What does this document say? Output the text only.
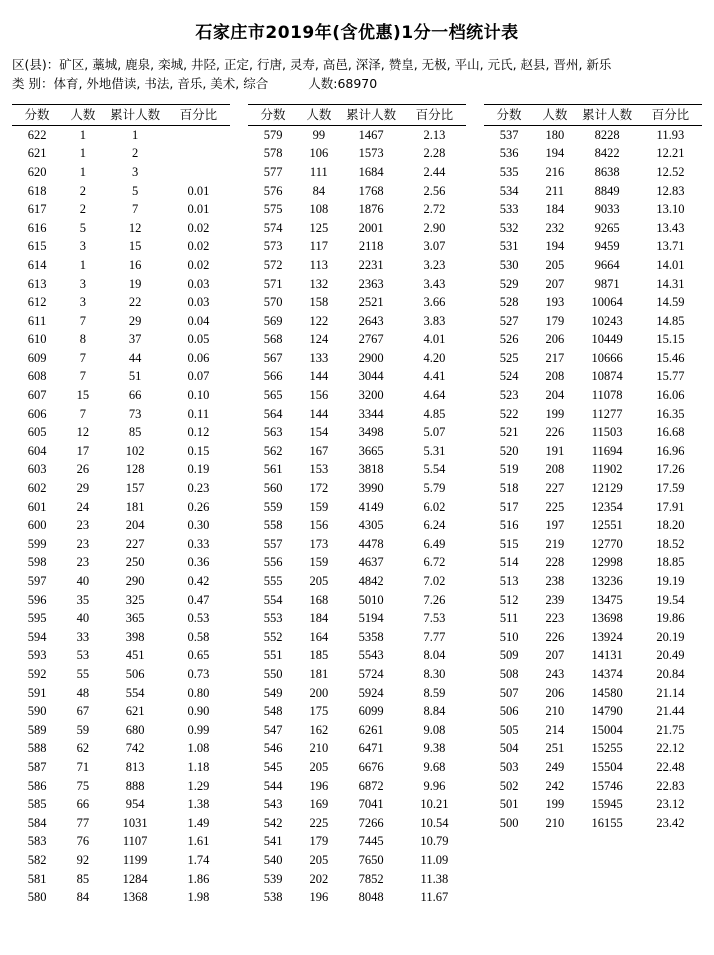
石家庄市2019年(含优惠)1分一档统计表
区(县)：矿区, 藁城, 鹿泉, 栾城, 井陉, 正定, 行唐, 灵寿, 高邑, 深泽, 赞皇, 无极, 平山, 元氏, 赵县, 晋州, 新乐
类 别：体育, 外地借读, 书法, 音乐, 美术, 综合	人数:68970
分数	人数	累计人数	百分比
622	1	1	
621	1	2	
620	1	3	
618	2	5	0.01
617	2	7	0.01
616	5	12	0.02
615	3	15	0.02
614	1	16	0.02
613	3	19	0.03
612	3	22	0.03
611	7	29	0.04
610	8	37	0.05
609	7	44	0.06
608	7	51	0.07
607	15	66	0.10
606	7	73	0.11
605	12	85	0.12
604	17	102	0.15
603	26	128	0.19
602	29	157	0.23
601	24	181	0.26
600	23	204	0.30
599	23	227	0.33
598	23	250	0.36
597	40	290	0.42
596	35	325	0.47
595	40	365	0.53
594	33	398	0.58
593	53	451	0.65
592	55	506	0.73
591	48	554	0.80
590	67	621	0.90
589	59	680	0.99
588	62	742	1.08
587	71	813	1.18
586	75	888	1.29
585	66	954	1.38
584	77	1031	1.49
583	76	1107	1.61
582	92	1199	1.74
581	85	1284	1.86
580	84	1368	1.98
分数	人数	累计人数	百分比
579	99	1467	2.13
578	106	1573	2.28
577	111	1684	2.44
576	84	1768	2.56
575	108	1876	2.72
574	125	2001	2.90
573	117	2118	3.07
572	113	2231	3.23
571	132	2363	3.43
570	158	2521	3.66
569	122	2643	3.83
568	124	2767	4.01
567	133	2900	4.20
566	144	3044	4.41
565	156	3200	4.64
564	144	3344	4.85
563	154	3498	5.07
562	167	3665	5.31
561	153	3818	5.54
560	172	3990	5.79
559	159	4149	6.02
558	156	4305	6.24
557	173	4478	6.49
556	159	4637	6.72
555	205	4842	7.02
554	168	5010	7.26
553	184	5194	7.53
552	164	5358	7.77
551	185	5543	8.04
550	181	5724	8.30
549	200	5924	8.59
548	175	6099	8.84
547	162	6261	9.08
546	210	6471	9.38
545	205	6676	9.68
544	196	6872	9.96
543	169	7041	10.21
542	225	7266	10.54
541	179	7445	10.79
540	205	7650	11.09
539	202	7852	11.38
538	196	8048	11.67
分数	人数	累计人数	百分比
537	180	8228	11.93
536	194	8422	12.21
535	216	8638	12.52
534	211	8849	12.83
533	184	9033	13.10
532	232	9265	13.43
531	194	9459	13.71
530	205	9664	14.01
529	207	9871	14.31
528	193	10064	14.59
527	179	10243	14.85
526	206	10449	15.15
525	217	10666	15.46
524	208	10874	15.77
523	204	11078	16.06
522	199	11277	16.35
521	226	11503	16.68
520	191	11694	16.96
519	208	11902	17.26
518	227	12129	17.59
517	225	12354	17.91
516	197	12551	18.20
515	219	12770	18.52
514	228	12998	18.85
513	238	13236	19.19
512	239	13475	19.54
511	223	13698	19.86
510	226	13924	20.19
509	207	14131	20.49
508	243	14374	20.84
507	206	14580	21.14
506	210	14790	21.44
505	214	15004	21.75
504	251	15255	22.12
503	249	15504	22.48
502	242	15746	22.83
501	199	15945	23.12
500	210	16155	23.42
